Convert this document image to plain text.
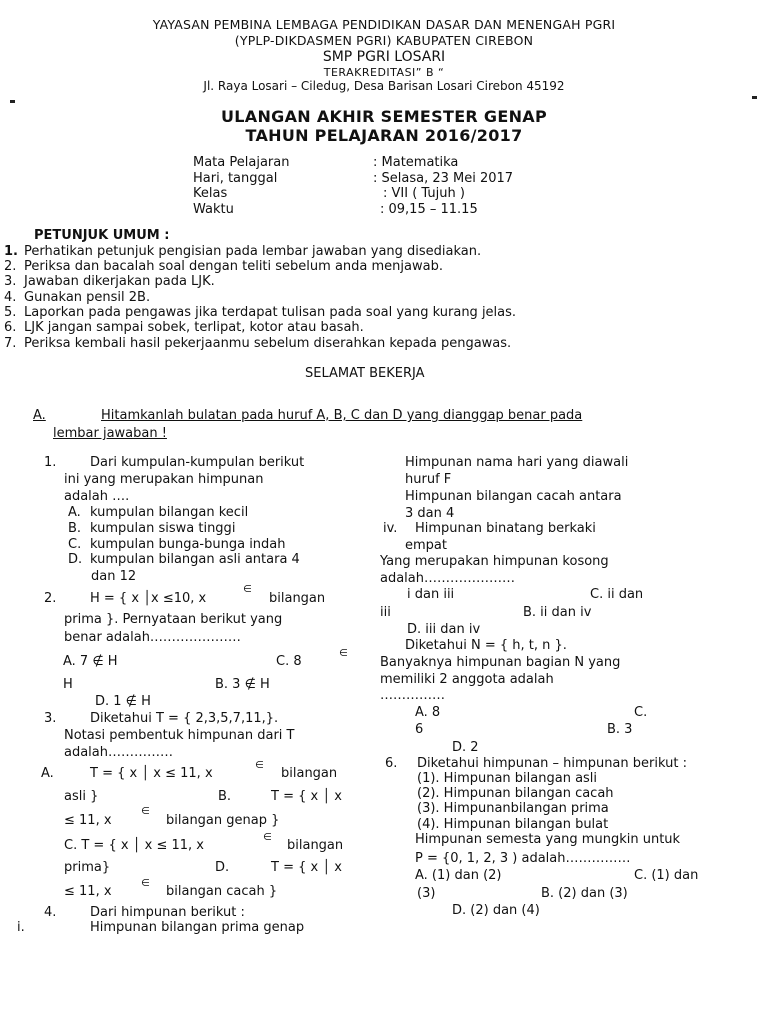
YAYASAN PEMBINA LEMBAGA PENDIDIKAN DASAR DAN MENENGAH PGRI
(YPLP-DIKDASMEN PGRI) KABUPATEN CIREBON
SMP PGRI LOSARI
TERAKREDITASI” B “
Jl. Raya Losari – Ciledug, Desa Barisan Losari Cirebon 45192
ULANGAN AKHIR SEMESTER GENAP
TAHUN PELAJARAN 2016/2017
Mata Pelajaran	: Matematika
Hari, tanggal	: Selasa, 23 Mei 2017
Kelas	: VII ( Tujuh )
Waktu	: 09,15 – 11.15
PETUNJUK UMUM :
1. Perhatikan petunjuk pengisian pada lembar jawaban yang disediakan.
2. Periksa dan bacalah soal dengan teliti sebelum anda menjawab.
3. Jawaban dikerjakan pada LJK.
4. Gunakan pensil 2B.
5. Laporkan pada pengawas jika terdapat tulisan pada soal yang kurang jelas.
6. LJK jangan sampai sobek, terlipat, kotor atau basah.
7. Periksa kembali hasil pekerjaanmu sebelum diserahkan kepada pengawas.
SELAMAT BEKERJA
A.	Hitamkanlah bulatan pada huruf A, B, C dan D yang dianggap benar pada
lembar jawaban !
1.	Dari kumpulan-kumpulan berikut
ini yang merupakan himpunan
adalah ….
A. kumpulan bilangan kecil
B. kumpulan siswa tinggi
C. kumpulan bunga-bunga indah
D. kumpulan bilangan asli antara 4
dan 12
2.	H = { x │x ≤10, x
∈
bilangan
prima }. Pernyataan berikut yang
benar adalah…………………
A. 7 ∉ H	C. 8
∈
H	B. 3 ∉ H
D. 1 ∉ H
3.	Diketahui T = { 2,3,5,7,11,}.
Notasi pembentuk himpunan dari T
adalah……………
A.	T = { x │ x ≤ 11, x
∈
bilangan
asli }	B.	T = { x │ x
≤ 11, x
∈
bilangan genap }
C. T = { x │ x ≤ 11, x
∈
bilangan
prima}	D.	T = { x │ x
≤ 11, x
∈
bilangan cacah }
4.	Dari himpunan berikut :
i.	Himpunan bilangan prima genap
Himpunan nama hari yang diawali
huruf F
Himpunan bilangan cacah antara
3 dan 4
iv. Himpunan binatang berkaki
empat
Yang merupakan himpunan kosong
adalah…………………
i dan iii	C. ii dan
iii	B. ii dan iv
D. iii dan iv
Diketahui N = { h, t, n }.
Banyaknya himpunan bagian N yang
memiliki 2 anggota adalah
……………
A. 8	C.
6	B. 3
D. 2
6. Diketahui himpunan – himpunan berikut :
(1). Himpunan bilangan asli
(2). Himpunan bilangan cacah
(3). Himpunanbilangan prima
(4). Himpunan bilangan bulat
Himpunan semesta yang mungkin untuk
P = {0, 1, 2, 3 ) adalah……………
A. (1) dan (2)	C. (1) dan
(3)	B. (2) dan (3)
D. (2) dan (4)
